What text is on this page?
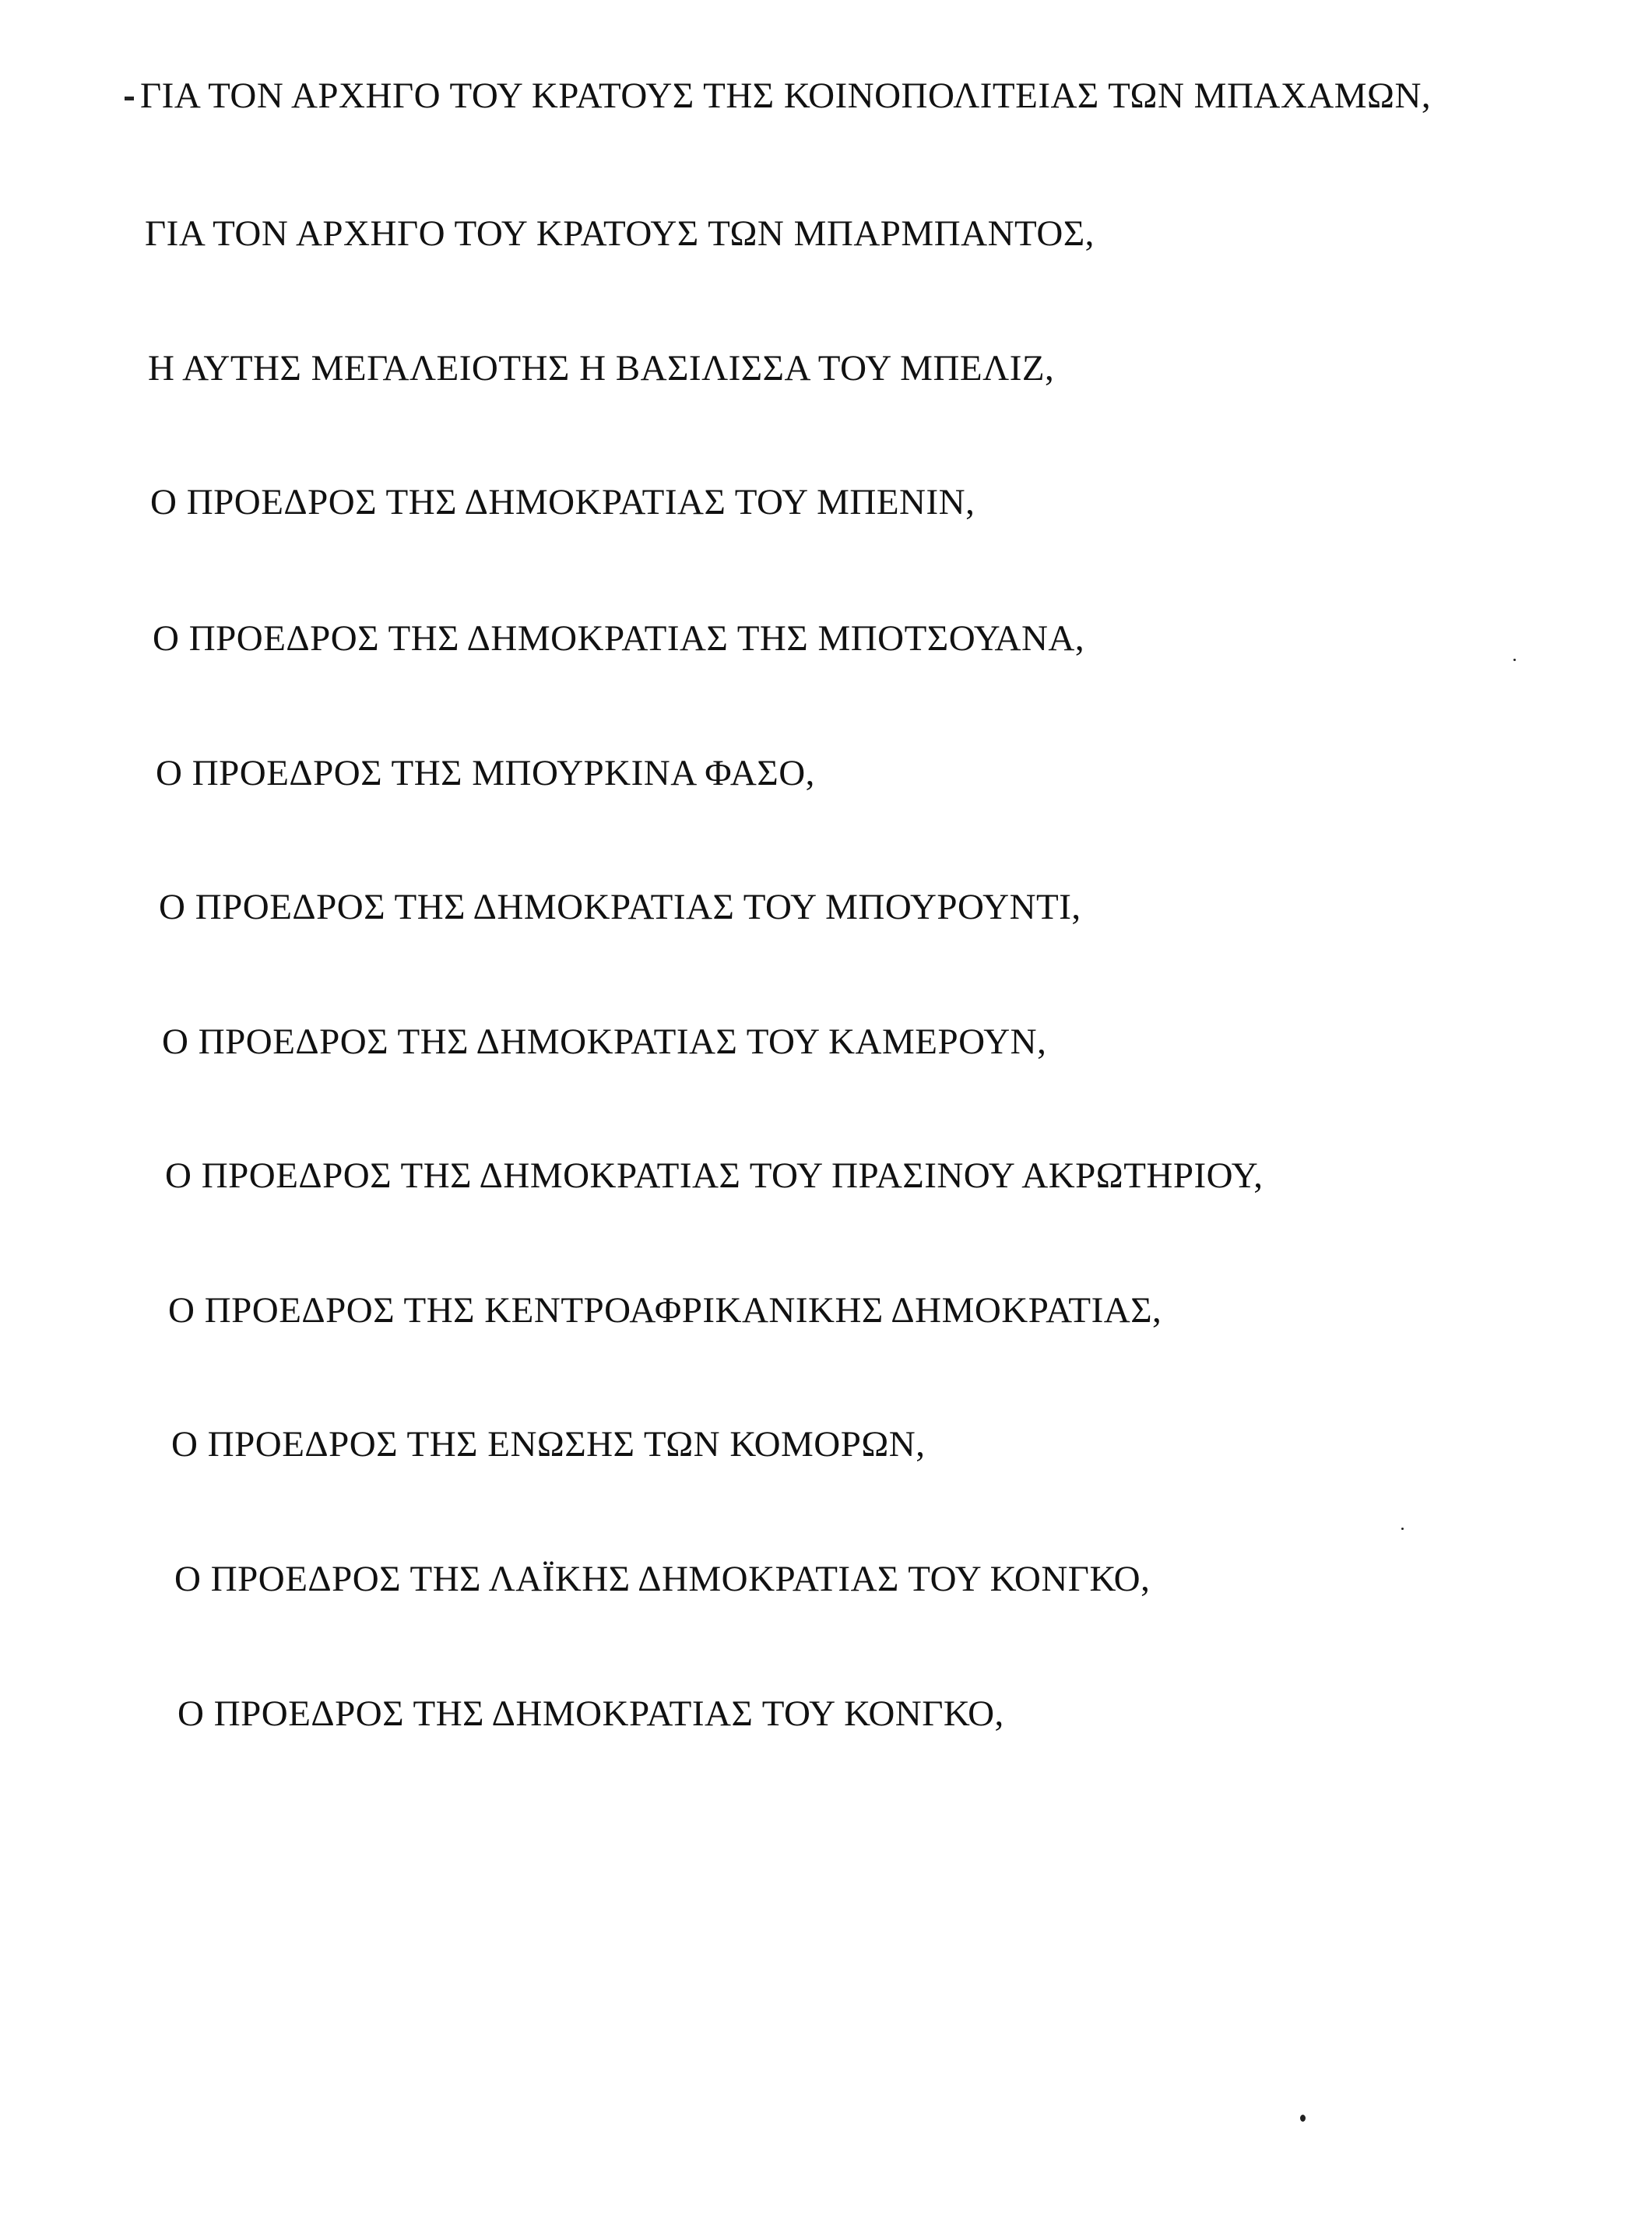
ΓΙΑ ΤΟΝ ΑΡΧΗΓΟ ΤΟΥ ΚΡΑΤΟΥΣ ΤΗΣ ΚΟΙΝΟΠΟΛΙΤΕΙΑΣ ΤΩΝ ΜΠΑΧΑΜΩΝ,
ΓΙΑ ΤΟΝ ΑΡΧΗΓΟ ΤΟΥ ΚΡΑΤΟΥΣ ΤΩΝ ΜΠΑΡΜΠΑΝΤΟΣ,
Η ΑΥΤΗΣ ΜΕΓΑΛΕΙΟΤΗΣ Η ΒΑΣΙΛΙΣΣΑ ΤΟΥ ΜΠΕΛΙΖ,
Ο ΠΡΟΕΔΡΟΣ ΤΗΣ ΔΗΜΟΚΡΑΤΙΑΣ ΤΟΥ ΜΠΕΝΙΝ,
Ο ΠΡΟΕΔΡΟΣ ΤΗΣ ΔΗΜΟΚΡΑΤΙΑΣ ΤΗΣ ΜΠΟΤΣΟΥΑΝΑ,
Ο ΠΡΟΕΔΡΟΣ ΤΗΣ ΜΠΟΥΡΚΙΝΑ ΦΑΣΟ,
Ο ΠΡΟΕΔΡΟΣ ΤΗΣ ΔΗΜΟΚΡΑΤΙΑΣ ΤΟΥ ΜΠΟΥΡΟΥΝΤΙ,
Ο ΠΡΟΕΔΡΟΣ ΤΗΣ ΔΗΜΟΚΡΑΤΙΑΣ ΤΟΥ ΚΑΜΕΡΟΥΝ,
Ο ΠΡΟΕΔΡΟΣ ΤΗΣ ΔΗΜΟΚΡΑΤΙΑΣ ΤΟΥ ΠΡΑΣΙΝΟΥ ΑΚΡΩΤΗΡΙΟΥ,
Ο ΠΡΟΕΔΡΟΣ ΤΗΣ ΚΕΝΤΡΟΑΦΡΙΚΑΝΙΚΗΣ ΔΗΜΟΚΡΑΤΙΑΣ,
Ο ΠΡΟΕΔΡΟΣ ΤΗΣ ΕΝΩΣΗΣ ΤΩΝ ΚΟΜΟΡΩΝ,
Ο ΠΡΟΕΔΡΟΣ ΤΗΣ ΛΑΪΚΗΣ ΔΗΜΟΚΡΑΤΙΑΣ ΤΟΥ ΚΟΝΓΚΟ,
Ο ΠΡΟΕΔΡΟΣ ΤΗΣ ΔΗΜΟΚΡΑΤΙΑΣ ΤΟΥ ΚΟΝΓΚΟ,
